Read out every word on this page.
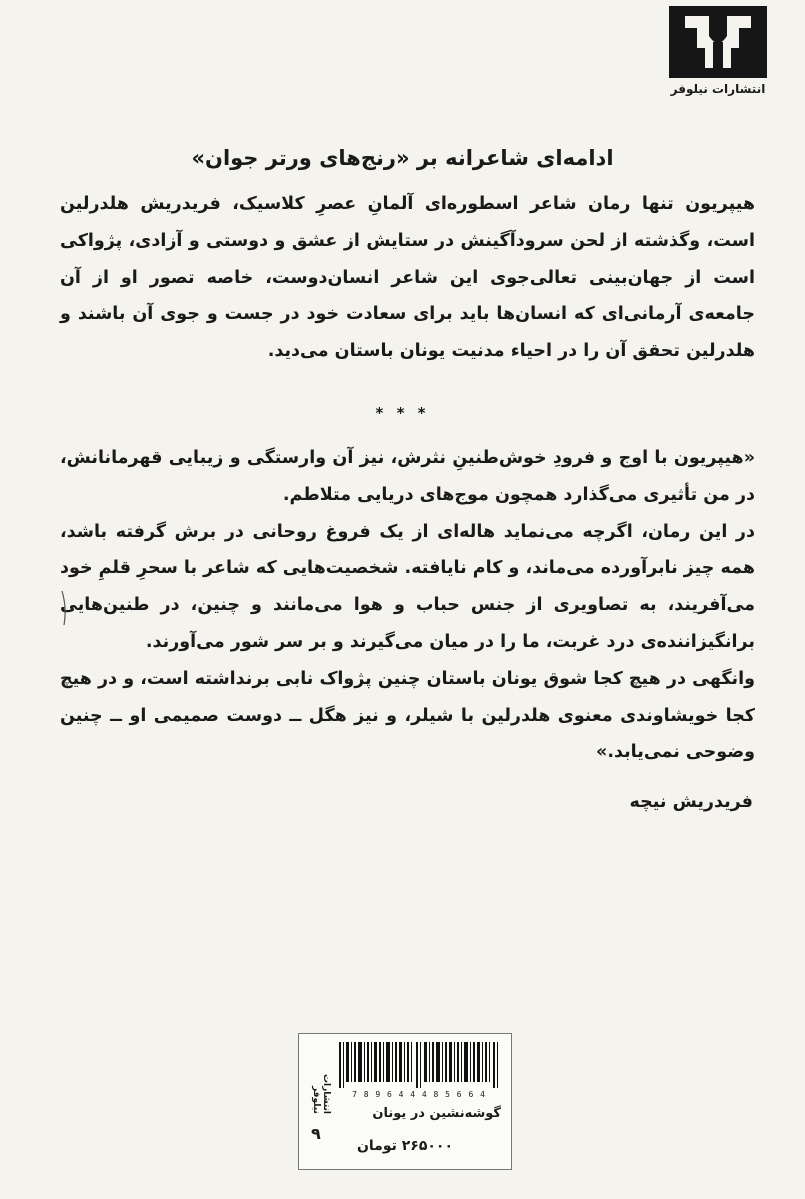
انتشارات نیلوفر
ادامه‌ای شاعرانه بر «رنج‌های ورتر جوان»

هیپریون تنها رمان شاعر اسطوره‌ای آلمانِ عصرِ کلاسیک، فریدریش هلدرلین است، وگذشته از لحن سرودآگینش در ستایش از عشق و دوستی و آزادی، پژواکی است از جهان‌بینی تعالی‌جوی این شاعر انسان‌دوست، خاصه تصور او از آن جامعه‌ی آرمانی‌ای که انسان‌ها باید برای سعادت خود در جست و جوی آن باشند و هلدرلین تحقق آن را در احیاء مدنیت یونان باستان می‌دید.

* * *

«هیپریون با اوج و فرودِ خوش‌طنینِ نثرش، نیز آن وارستگی و زیبایی قهرمانانش، در من تأثیری می‌گذارد همچون موج‌های دریایی متلاطم.

در این رمان، اگرچه می‌نماید هاله‌ای از یک فروغ روحانی در برش گرفته باشد، همه چیز نابرآورده می‌ماند، و کام نایافته. شخصیت‌هایی که شاعر با سحرِ قلمِ خود می‌آفریند، به تصاویری از جنس حباب و هوا می‌مانند و چنین، در طنین‌هایی برانگیزاننده‌ی درد غربت، ما را در میان می‌گیرند و بر سر شور می‌آورند.

وانگهی در هیچ کجا شوق یونان باستان چنین پژواک نابی برنداشته است، و در هیچ کجا خویشاوندی معنوی هلدرلین با شیلر، و نیز هگل ــ دوست صمیمی او ــ چنین وضوحی نمی‌یابد.»

فریدریش نیچه
انتشارات نیلوفر	7 8 9 6 4 4 4 8 5 6 6 4
۹
گوشه‌نشین در یونان
۲۶۵۰۰۰ تومان
